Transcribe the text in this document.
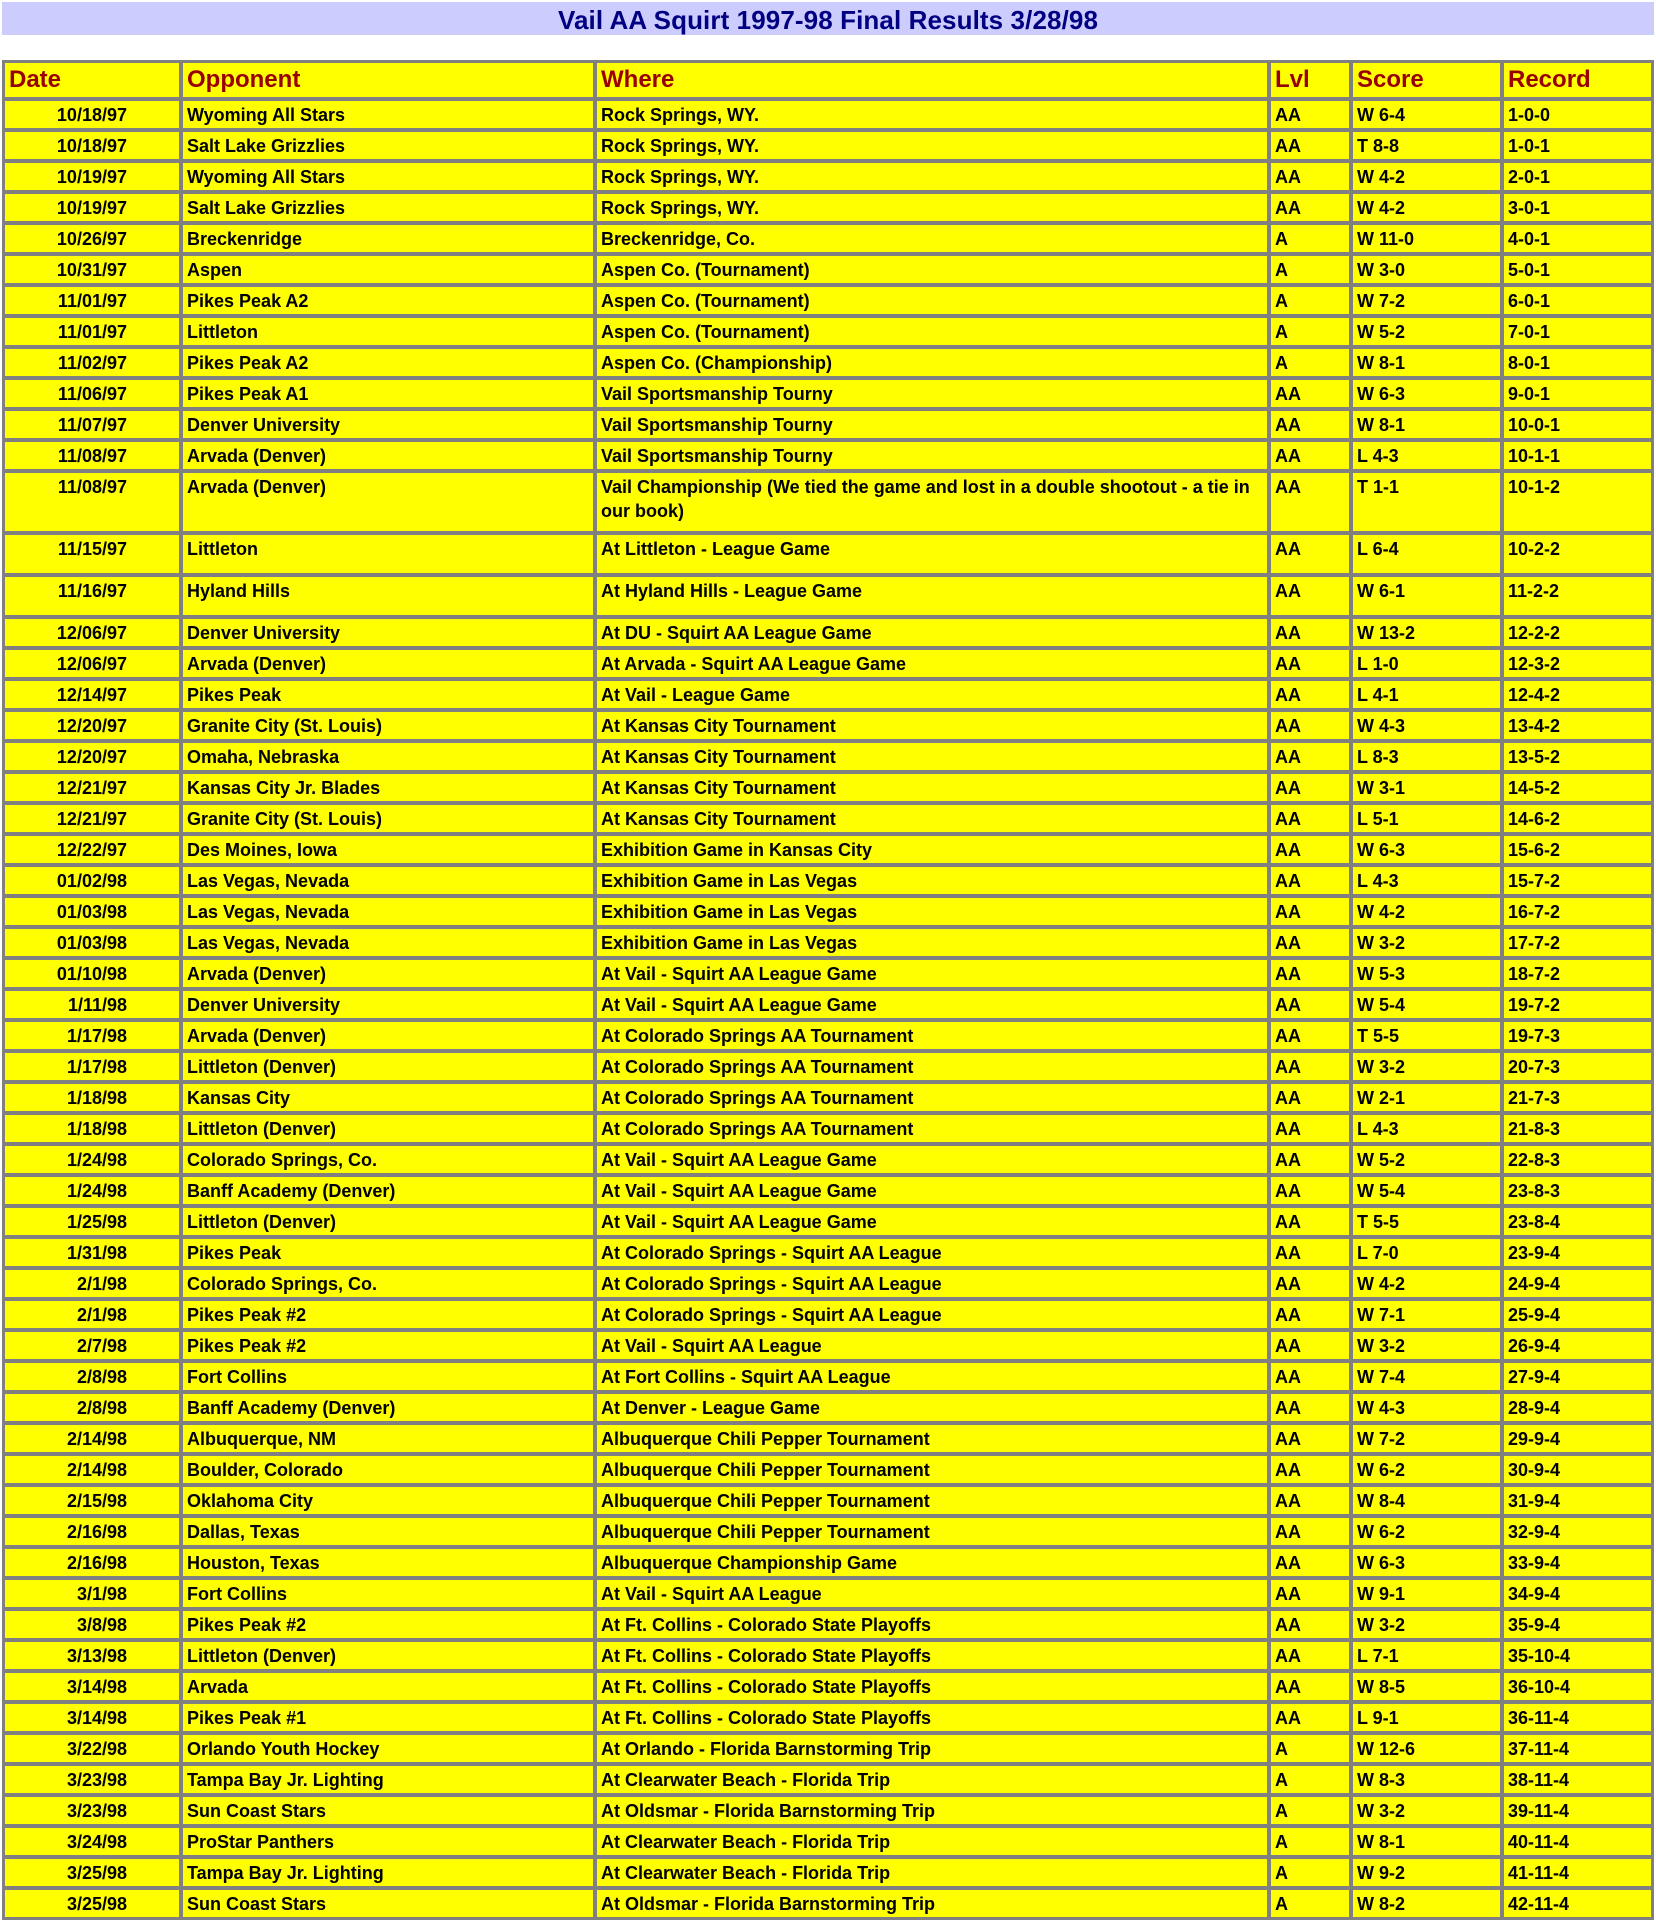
Vail AA Squirt 1997-98 Final Results 3/28/98
Date	Opponent	Where	Lvl	Score	Record
10/18/97	Wyoming All Stars	Rock Springs, WY.	AA	W 6-4	1-0-0
10/18/97	Salt Lake Grizzlies	Rock Springs, WY.	AA	T 8-8	1-0-1
10/19/97	Wyoming All Stars	Rock Springs, WY.	AA	W 4-2	2-0-1
10/19/97	Salt Lake Grizzlies	Rock Springs, WY.	AA	W 4-2	3-0-1
10/26/97	Breckenridge	Breckenridge, Co.	A	W 11-0	4-0-1
10/31/97	Aspen	Aspen Co. (Tournament)	A	W 3-0	5-0-1
11/01/97	Pikes Peak A2	Aspen Co. (Tournament)	A	W 7-2	6-0-1
11/01/97	Littleton	Aspen Co. (Tournament)	A	W 5-2	7-0-1
11/02/97	Pikes Peak A2	Aspen Co. (Championship)	A	W 8-1	8-0-1
11/06/97	Pikes Peak A1	Vail Sportsmanship Tourny	AA	W 6-3	9-0-1
11/07/97	Denver University	Vail Sportsmanship Tourny	AA	W 8-1	10-0-1
11/08/97	Arvada (Denver)	Vail Sportsmanship Tourny	AA	L 4-3	10-1-1
11/08/97	Arvada (Denver)	Vail Championship (We tied the game and lost in a double shootout - a tie in our book)	AA	T 1-1	10-1-2
11/15/97	Littleton	At Littleton - League Game	AA	L 6-4	10-2-2
11/16/97	Hyland Hills	At Hyland Hills - League Game	AA	W 6-1	11-2-2
12/06/97	Denver University	At DU - Squirt AA League Game	AA	W 13-2	12-2-2
12/06/97	Arvada (Denver)	At Arvada - Squirt AA League Game	AA	L 1-0	12-3-2
12/14/97	Pikes Peak	At Vail - League Game	AA	L 4-1	12-4-2
12/20/97	Granite City (St. Louis)	At Kansas City Tournament	AA	W 4-3	13-4-2
12/20/97	Omaha, Nebraska	At Kansas City Tournament	AA	L 8-3	13-5-2
12/21/97	Kansas City Jr. Blades	At Kansas City Tournament	AA	W 3-1	14-5-2
12/21/97	Granite City (St. Louis)	At Kansas City Tournament	AA	L 5-1	14-6-2
12/22/97	Des Moines, Iowa	Exhibition Game in Kansas City	AA	W 6-3	15-6-2
01/02/98	Las Vegas, Nevada	Exhibition Game in Las Vegas	AA	L 4-3	15-7-2
01/03/98	Las Vegas, Nevada	Exhibition Game in Las Vegas	AA	W 4-2	16-7-2
01/03/98	Las Vegas, Nevada	Exhibition Game in Las Vegas	AA	W 3-2	17-7-2
01/10/98	Arvada (Denver)	At Vail - Squirt AA League Game	AA	W 5-3	18-7-2
1/11/98	Denver University	At Vail - Squirt AA League Game	AA	W 5-4	19-7-2
1/17/98	Arvada (Denver)	At Colorado Springs AA Tournament	AA	T 5-5	19-7-3
1/17/98	Littleton (Denver)	At Colorado Springs AA Tournament	AA	W 3-2	20-7-3
1/18/98	Kansas City	At Colorado Springs AA Tournament	AA	W 2-1	21-7-3
1/18/98	Littleton (Denver)	At Colorado Springs AA Tournament	AA	L 4-3	21-8-3
1/24/98	Colorado Springs, Co.	At Vail - Squirt AA League Game	AA	W 5-2	22-8-3
1/24/98	Banff Academy (Denver)	At Vail - Squirt AA League Game	AA	W 5-4	23-8-3
1/25/98	Littleton (Denver)	At Vail - Squirt AA League Game	AA	T 5-5	23-8-4
1/31/98	Pikes Peak	At Colorado Springs - Squirt AA League	AA	L 7-0	23-9-4
2/1/98	Colorado Springs, Co.	At Colorado Springs - Squirt AA League	AA	W 4-2	24-9-4
2/1/98	Pikes Peak #2	At Colorado Springs - Squirt AA League	AA	W 7-1	25-9-4
2/7/98	Pikes Peak #2	At Vail - Squirt AA League	AA	W 3-2	26-9-4
2/8/98	Fort Collins	At Fort Collins - Squirt AA League	AA	W 7-4	27-9-4
2/8/98	Banff Academy (Denver)	At Denver - League Game	AA	W 4-3	28-9-4
2/14/98	Albuquerque, NM	Albuquerque Chili Pepper Tournament	AA	W 7-2	29-9-4
2/14/98	Boulder, Colorado	Albuquerque Chili Pepper Tournament	AA	W 6-2	30-9-4
2/15/98	Oklahoma City	Albuquerque Chili Pepper Tournament	AA	W 8-4	31-9-4
2/16/98	Dallas, Texas	Albuquerque Chili Pepper Tournament	AA	W 6-2	32-9-4
2/16/98	Houston, Texas	Albuquerque Championship Game	AA	W 6-3	33-9-4
3/1/98	Fort Collins	At Vail - Squirt AA League	AA	W 9-1	34-9-4
3/8/98	Pikes Peak #2	At Ft. Collins - Colorado State Playoffs	AA	W 3-2	35-9-4
3/13/98	Littleton (Denver)	At Ft. Collins - Colorado State Playoffs	AA	L 7-1	35-10-4
3/14/98	Arvada	At Ft. Collins - Colorado State Playoffs	AA	W 8-5	36-10-4
3/14/98	Pikes Peak #1	At Ft. Collins - Colorado State Playoffs	AA	L 9-1	36-11-4
3/22/98	Orlando Youth Hockey	At Orlando - Florida Barnstorming Trip	A	W 12-6	37-11-4
3/23/98	Tampa Bay Jr. Lighting	At Clearwater Beach - Florida Trip	A	W 8-3	38-11-4
3/23/98	Sun Coast Stars	At Oldsmar - Florida Barnstorming Trip	A	W 3-2	39-11-4
3/24/98	ProStar Panthers	At Clearwater Beach - Florida Trip	A	W 8-1	40-11-4
3/25/98	Tampa Bay Jr. Lighting	At Clearwater Beach - Florida Trip	A	W 9-2	41-11-4
3/25/98	Sun Coast Stars	At Oldsmar - Florida Barnstorming Trip	A	W 8-2	42-11-4
